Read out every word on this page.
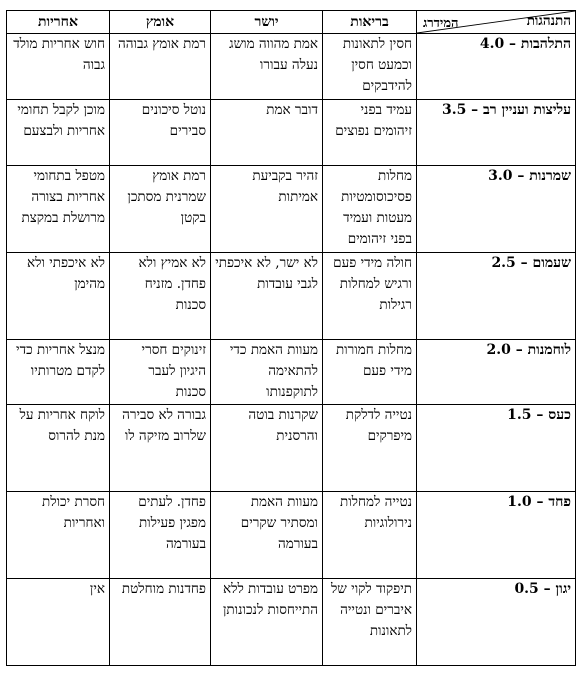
המידרג התנהגות	בריאות	יושר	אומץ	אחריות
התלהבות – 4.0	חסין לתאונות וכמעט חסין להידבקים	אמת מהווה מושג נעלה עבורו	רמת אומץ גבוהה	חוש אחריות מולד גבוה
עליצות ועניין רב – 3.5	עמיד בפני זיהומים נפוצים	דובר אמת	נוטל סיכונים סבירים	מוכן לקבל תחומי אחריות ולבצעם
שמרנות – 3.0	מחלות פסיכוסומטיות מעטות ועמיד בפני זיהומים	זהיר בקביעת אמיתות	רמת אומץ שמרנית מסתכן בקטן	מטפל בתחומי אחריות בצורה מרושלת במקצת
שעמום – 2.5	חולה מידי פעם ורגיש למחלות רגילות	לא ישר, לא איכפתי לגבי עובדות	לא אמיץ ולא פחדן. מזניח סכנות	לא איכפתי ולא מהימן
לוחמנות – 2.0	מחלות חמורות מידי פעם	מעוות האמת כדי להתאימה לתוקפנותו	זינוקים חסרי היגיון לעבר סכנות	מנצל אחריות כדי לקדם מטרותיו
כעס – 1.5	נטייה לדלקת מיפרקים	שקרנות בוטה והרסנית	גבורה לא סבירה שלרוב מזיקה לו	לוקח אחריות על מנת להרוס
פחד – 1.0	נטייה למחלות נירולוגיות	מעוות האמת ומסתיר שקרים בעורמה	פחדן. לעתים מפגין פעילות בעורמה	חסרת יכולת ואחריות
יגון – 0.5	תיפקוד לקוי של איברים ונטייה לתאונות	מפרט עובדות ללא התייחסות לנכונותן	פחדנות מוחלטת	אין
